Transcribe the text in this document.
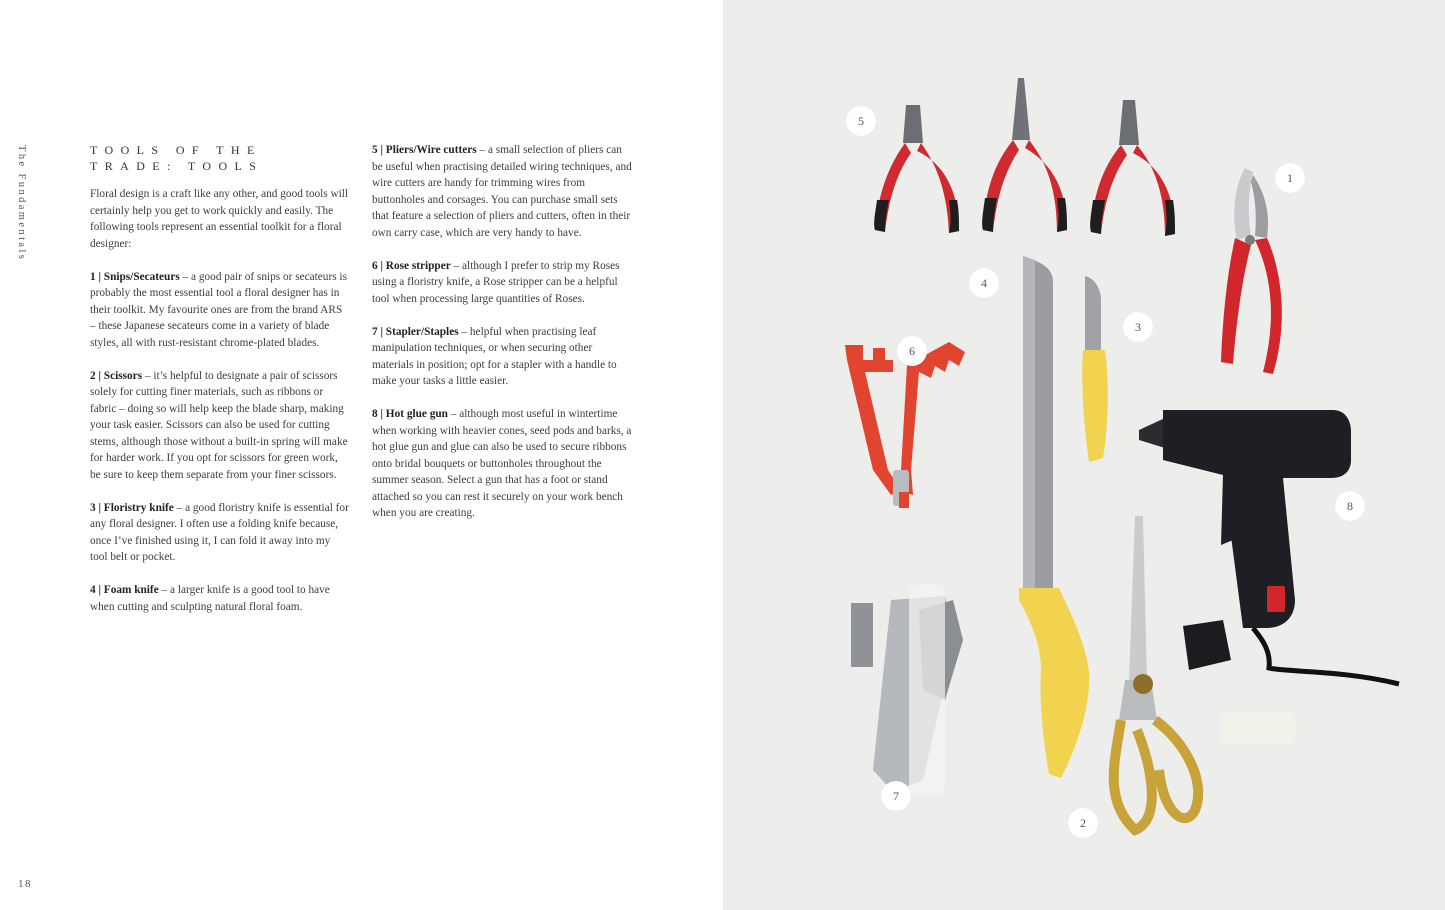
The Fundamentals	TOOLS OF THE TRADE: TOOLS

Floral design is a craft like any other, and good tools will certainly help you get to work quickly and easily. The following tools represent an essential toolkit for a floral designer:

1 | Snips/Secateurs – a good pair of snips or secateurs is probably the most essential tool a floral designer has in their toolkit. My favourite ones are from the brand ARS – these Japanese secateurs come in a variety of blade styles, all with rust-resistant chrome-plated blades.

2 | Scissors – it’s helpful to designate a pair of scissors solely for cutting finer materials, such as ribbons or fabric – doing so will help keep the blade sharp, making your task easier. Scissors can also be used for cutting stems, although those without a built-in spring will make for harder work. If you opt for scissors for green work, be sure to keep them separate from your finer scissors.

3 | Floristry knife – a good floristry knife is essential for any floral designer. I often use a folding knife because, once I’ve finished using it, I can fold it away into my tool belt or pocket.

4 | Foam knife – a larger knife is a good tool to have when cutting and sculpting natural floral foam.

5 | Pliers/Wire cutters – a small selection of pliers can be useful when practising detailed wiring techniques, and wire cutters are handy for trimming wires from buttonholes and corsages. You can purchase small sets that feature a selection of pliers and cutters, often in their own carry case, which are very handy to have.

6 | Rose stripper – although I prefer to strip my Roses using a floristry knife, a Rose stripper can be a helpful tool when processing large quantities of Roses.

7 | Stapler/Staples – helpful when practising leaf manipulation techniques, or when securing other materials in position; opt for a stapler with a handle to make your tasks a little easier.

8 | Hot glue gun – although most useful in wintertime when working with heavier cones, seed pods and barks, a hot glue gun and glue can also be used to secure ribbons onto bridal bouquets or buttonholes throughout the summer season. Select a gun that has a foot or stand attached so you can rest it securely on your work bench when you are creating.

18
1
2
3
4
5
6
7
8
